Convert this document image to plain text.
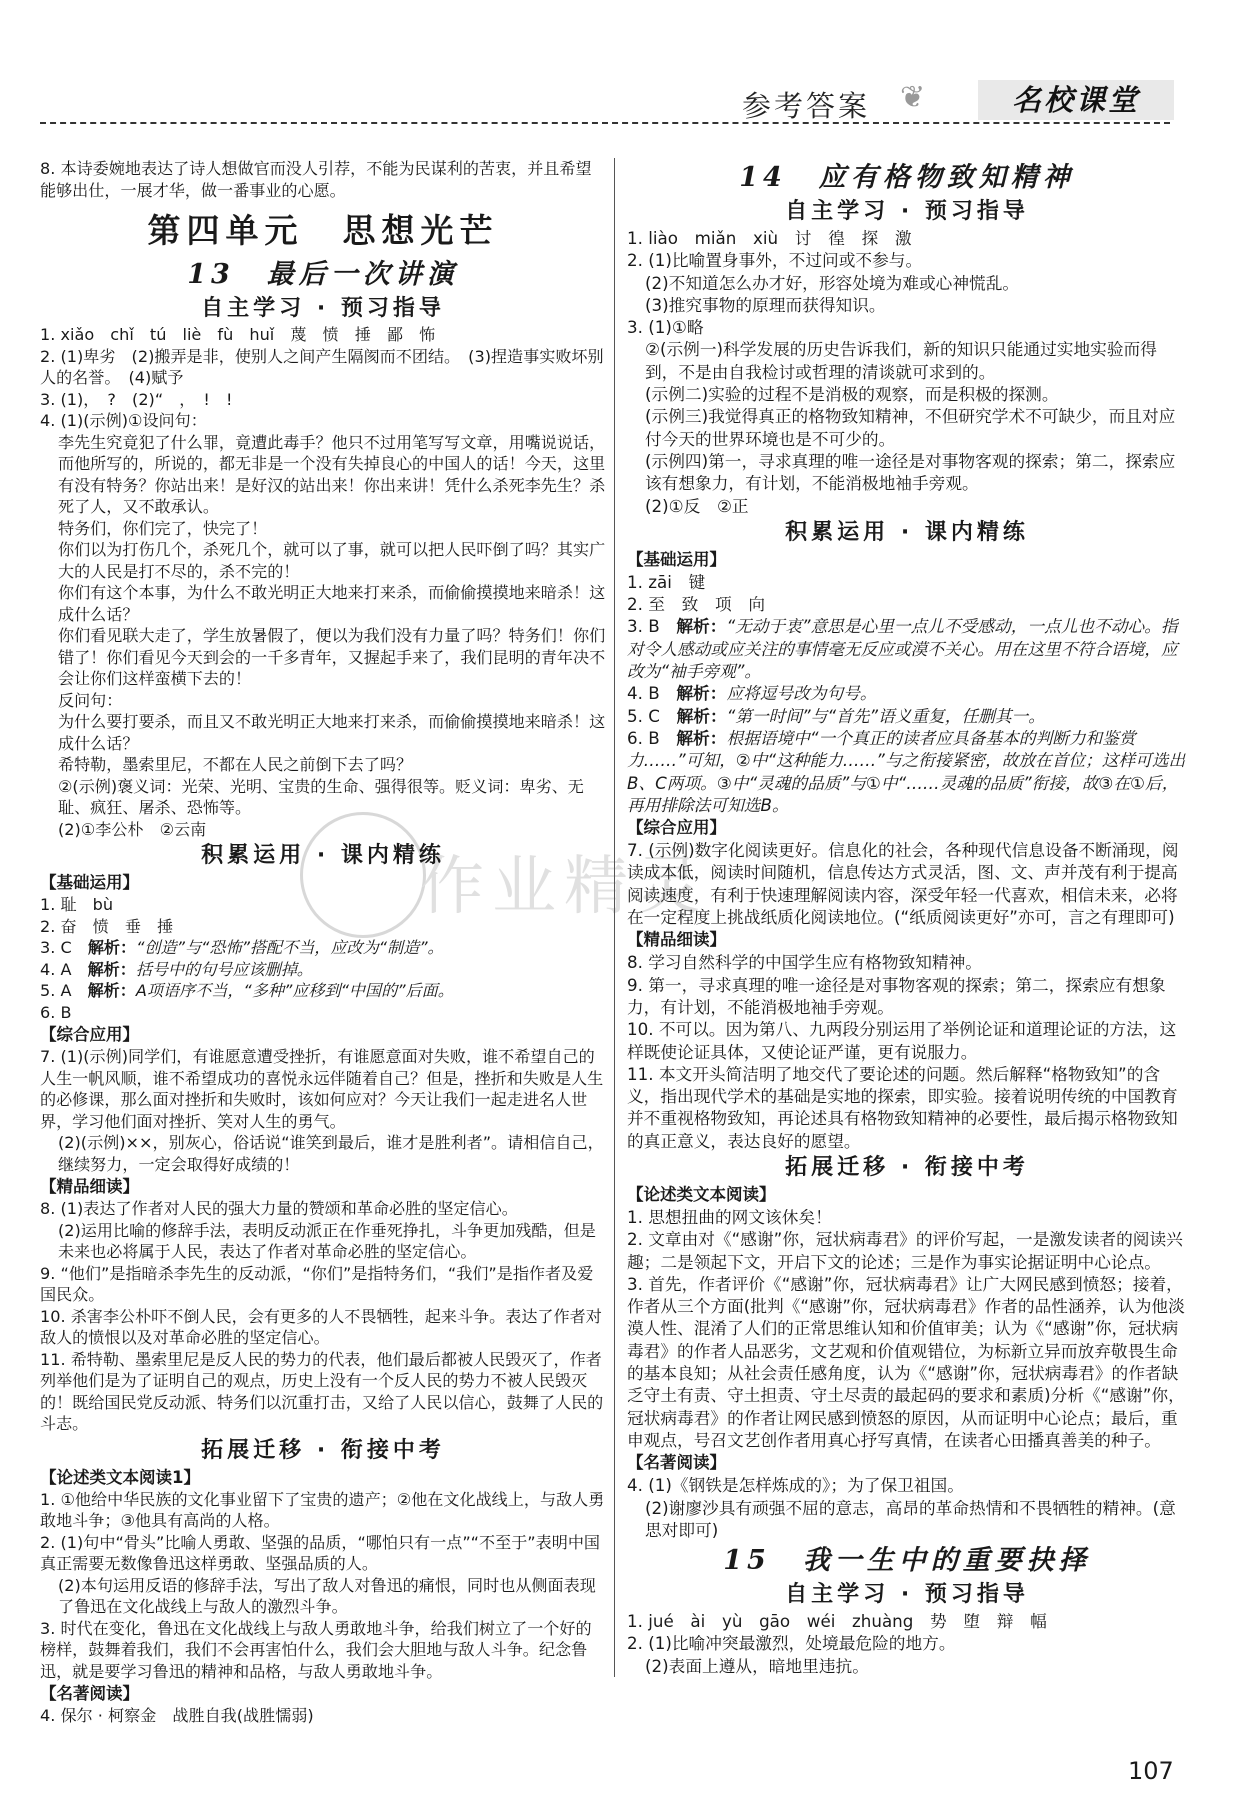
参考答案 ❦	名校课堂
作业精灵

8. 本诗委婉地表达了诗人想做官而没人引荐，不能为民谋利的苦衷，并且希望能够出仕，一展才华，做一番事业的心愿。

第四单元　思想光芒
13　最后一次讲演
自主学习 · 预习指导

1. xiǎo　chǐ　tú　liè　fù　huǐ　蔑　愤　捶　鄙　怖

2. (1)卑劣　(2)搬弄是非，使别人之间产生隔阂而不团结。　(3)捏造事实败坏别人的名誉。　(4)赋予

3. (1)，　?　(2)“　，　!　!

4. (1)(示例)①设问句：

李先生究竟犯了什么罪，竟遭此毒手？他只不过用笔写写文章，用嘴说说话，而他所写的，所说的，都无非是一个没有失掉良心的中国人的话！今天，这里有没有特务？你站出来！是好汉的站出来！你出来讲！凭什么杀死李先生？杀死了人，又不敢承认。

特务们，你们完了，快完了！

你们以为打伤几个，杀死几个，就可以了事，就可以把人民吓倒了吗？其实广大的人民是打不尽的，杀不完的！

你们有这个本事，为什么不敢光明正大地来打来杀，而偷偷摸摸地来暗杀！这成什么话？

你们看见联大走了，学生放暑假了，便以为我们没有力量了吗？特务们！你们错了！你们看见今天到会的一千多青年，又握起手来了，我们昆明的青年决不会让你们这样蛮横下去的！

反问句：

为什么要打要杀，而且又不敢光明正大地来打来杀，而偷偷摸摸地来暗杀！这成什么话？

希特勒，墨索里尼，不都在人民之前倒下去了吗？

②(示例)褒义词：光荣、光明、宝贵的生命、强得很等。贬义词：卑劣、无耻、疯狂、屠杀、恐怖等。

(2)①李公朴　②云南

积累运用 · 课内精练
【基础运用】

1. 耻　bù

2. 奋　愤　垂　捶

3. C　解析：“创造”与“恐怖”搭配不当，应改为“制造”。

4. A　解析：括号中的句号应该删掉。

5. A　解析：A项语序不当，“多种”应移到“中国的”后面。

6. B

【综合应用】

7. (1)(示例)同学们，有谁愿意遭受挫折，有谁愿意面对失败，谁不希望自己的人生一帆风顺，谁不希望成功的喜悦永远伴随着自己？但是，挫折和失败是人生的必修课，那么面对挫折和失败时，该如何应对？今天让我们一起走进名人世界，学习他们面对挫折、笑对人生的勇气。

(2)(示例)××，别灰心，俗话说“谁笑到最后，谁才是胜利者”。请相信自己，继续努力，一定会取得好成绩的！

【精品细读】

8. (1)表达了作者对人民的强大力量的赞颂和革命必胜的坚定信心。

(2)运用比喻的修辞手法，表明反动派正在作垂死挣扎，斗争更加残酷，但是未来也必将属于人民，表达了作者对革命必胜的坚定信心。

9. “他们”是指暗杀李先生的反动派，“你们”是指特务们，“我们”是指作者及爱国民众。

10. 杀害李公朴吓不倒人民，会有更多的人不畏牺牲，起来斗争。表达了作者对敌人的愤恨以及对革命必胜的坚定信心。

11. 希特勒、墨索里尼是反人民的势力的代表，他们最后都被人民毁灭了，作者列举他们是为了证明自己的观点，历史上没有一个反人民的势力不被人民毁灭的！既给国民党反动派、特务们以沉重打击，又给了人民以信心，鼓舞了人民的斗志。

拓展迁移 · 衔接中考
【论述类文本阅读1】

1. ①他给中华民族的文化事业留下了宝贵的遗产；②他在文化战线上，与敌人勇敢地斗争；③他具有高尚的人格。

2. (1)句中“骨头”比喻人勇敢、坚强的品质，“哪怕只有一点”“不至于”表明中国真正需要无数像鲁迅这样勇敢、坚强品质的人。

(2)本句运用反语的修辞手法，写出了敌人对鲁迅的痛恨，同时也从侧面表现了鲁迅在文化战线上与敌人的激烈斗争。

3. 时代在变化，鲁迅在文化战线上与敌人勇敢地斗争，给我们树立了一个好的榜样，鼓舞着我们，我们不会再害怕什么，我们会大胆地与敌人斗争。纪念鲁迅，就是要学习鲁迅的精神和品格，与敌人勇敢地斗争。

【名著阅读】

4. 保尔 · 柯察金　战胜自我(战胜懦弱)

14　应有格物致知精神
自主学习 · 预习指导

1. liào　miǎn　xiù　讨　徨　探　激

2. (1)比喻置身事外，不过问或不参与。

(2)不知道怎么办才好，形容处境为难或心神慌乱。

(3)推究事物的原理而获得知识。

3. (1)①略

②(示例一)科学发展的历史告诉我们，新的知识只能通过实地实验而得到，不是由自我检讨或哲理的清谈就可求到的。

(示例二)实验的过程不是消极的观察，而是积极的探测。

(示例三)我觉得真正的格物致知精神，不但研究学术不可缺少，而且对应付今天的世界环境也是不可少的。

(示例四)第一，寻求真理的唯一途径是对事物客观的探索；第二，探索应该有想象力，有计划，不能消极地袖手旁观。

(2)①反　②正

积累运用 · 课内精练
【基础运用】

1. zāi　键

2. 至　致　项　向

3. B　解析：“无动于衷”意思是心里一点儿不受感动，一点儿也不动心。指对令人感动或应关注的事情毫无反应或漠不关心。用在这里不符合语境，应改为“袖手旁观”。

4. B　解析：应将逗号改为句号。

5. C　解析：“第一时间”与“首先”语义重复，任删其一。

6. B　解析：根据语境中“一个真正的读者应具备基本的判断力和鉴赏力……”可知，②中“这种能力……”与之衔接紧密，故放在首位；这样可选出B、C两项。③中“灵魂的品质”与①中“……灵魂的品质”衔接，故③在①后，再用排除法可知选B。

【综合应用】

7. (示例)数字化阅读更好。信息化的社会，各种现代信息设备不断涌现，阅读成本低，阅读时间随机，信息传达方式灵活，图、文、声并茂有利于提高阅读速度，有利于快速理解阅读内容，深受年轻一代喜欢，相信未来，必将在一定程度上挑战纸质化阅读地位。(“纸质阅读更好”亦可，言之有理即可)

【精品细读】

8. 学习自然科学的中国学生应有格物致知精神。

9. 第一，寻求真理的唯一途径是对事物客观的探索；第二，探索应有想象力，有计划，不能消极地袖手旁观。

10. 不可以。因为第八、九两段分别运用了举例论证和道理论证的方法，这样既使论证具体，又使论证严谨，更有说服力。

11. 本文开头简洁明了地交代了要论述的问题。然后解释“格物致知”的含义，指出现代学术的基础是实地的探索，即实验。接着说明传统的中国教育并不重视格物致知，再论述具有格物致知精神的必要性，最后揭示格物致知的真正意义，表达良好的愿望。

拓展迁移 · 衔接中考
【论述类文本阅读】

1. 思想扭曲的网文该休矣！

2. 文章由对《“感谢”你，冠状病毒君》的评价写起，一是激发读者的阅读兴趣；二是领起下文，开启下文的论述；三是作为事实论据证明中心论点。

3. 首先，作者评价《“感谢”你，冠状病毒君》让广大网民感到愤怒；接着，作者从三个方面(批判《“感谢”你，冠状病毒君》作者的品性涵养，认为他淡漠人性、混淆了人们的正常思维认知和价值审美；认为《“感谢”你，冠状病毒君》的作者人品恶劣，文艺观和价值观错位，为标新立异而放弃敬畏生命的基本良知；从社会责任感角度，认为《“感谢”你，冠状病毒君》的作者缺乏守土有责、守土担责、守土尽责的最起码的要求和素质)分析《“感谢”你，冠状病毒君》的作者让网民感到愤怒的原因，从而证明中心论点；最后，重申观点，号召文艺创作者用真心抒写真情，在读者心田播真善美的种子。

【名著阅读】

4. (1)《钢铁是怎样炼成的》；为了保卫祖国。

(2)谢廖沙具有顽强不屈的意志，高昂的革命热情和不畏牺牲的精神。(意思对即可)

15　我一生中的重要抉择
自主学习 · 预习指导

1. jué　ài　yù　gāo　wéi　zhuàng　势　堕　辩　幅

2. (1)比喻冲突最激烈，处境最危险的地方。

(2)表面上遵从，暗地里违抗。

107
